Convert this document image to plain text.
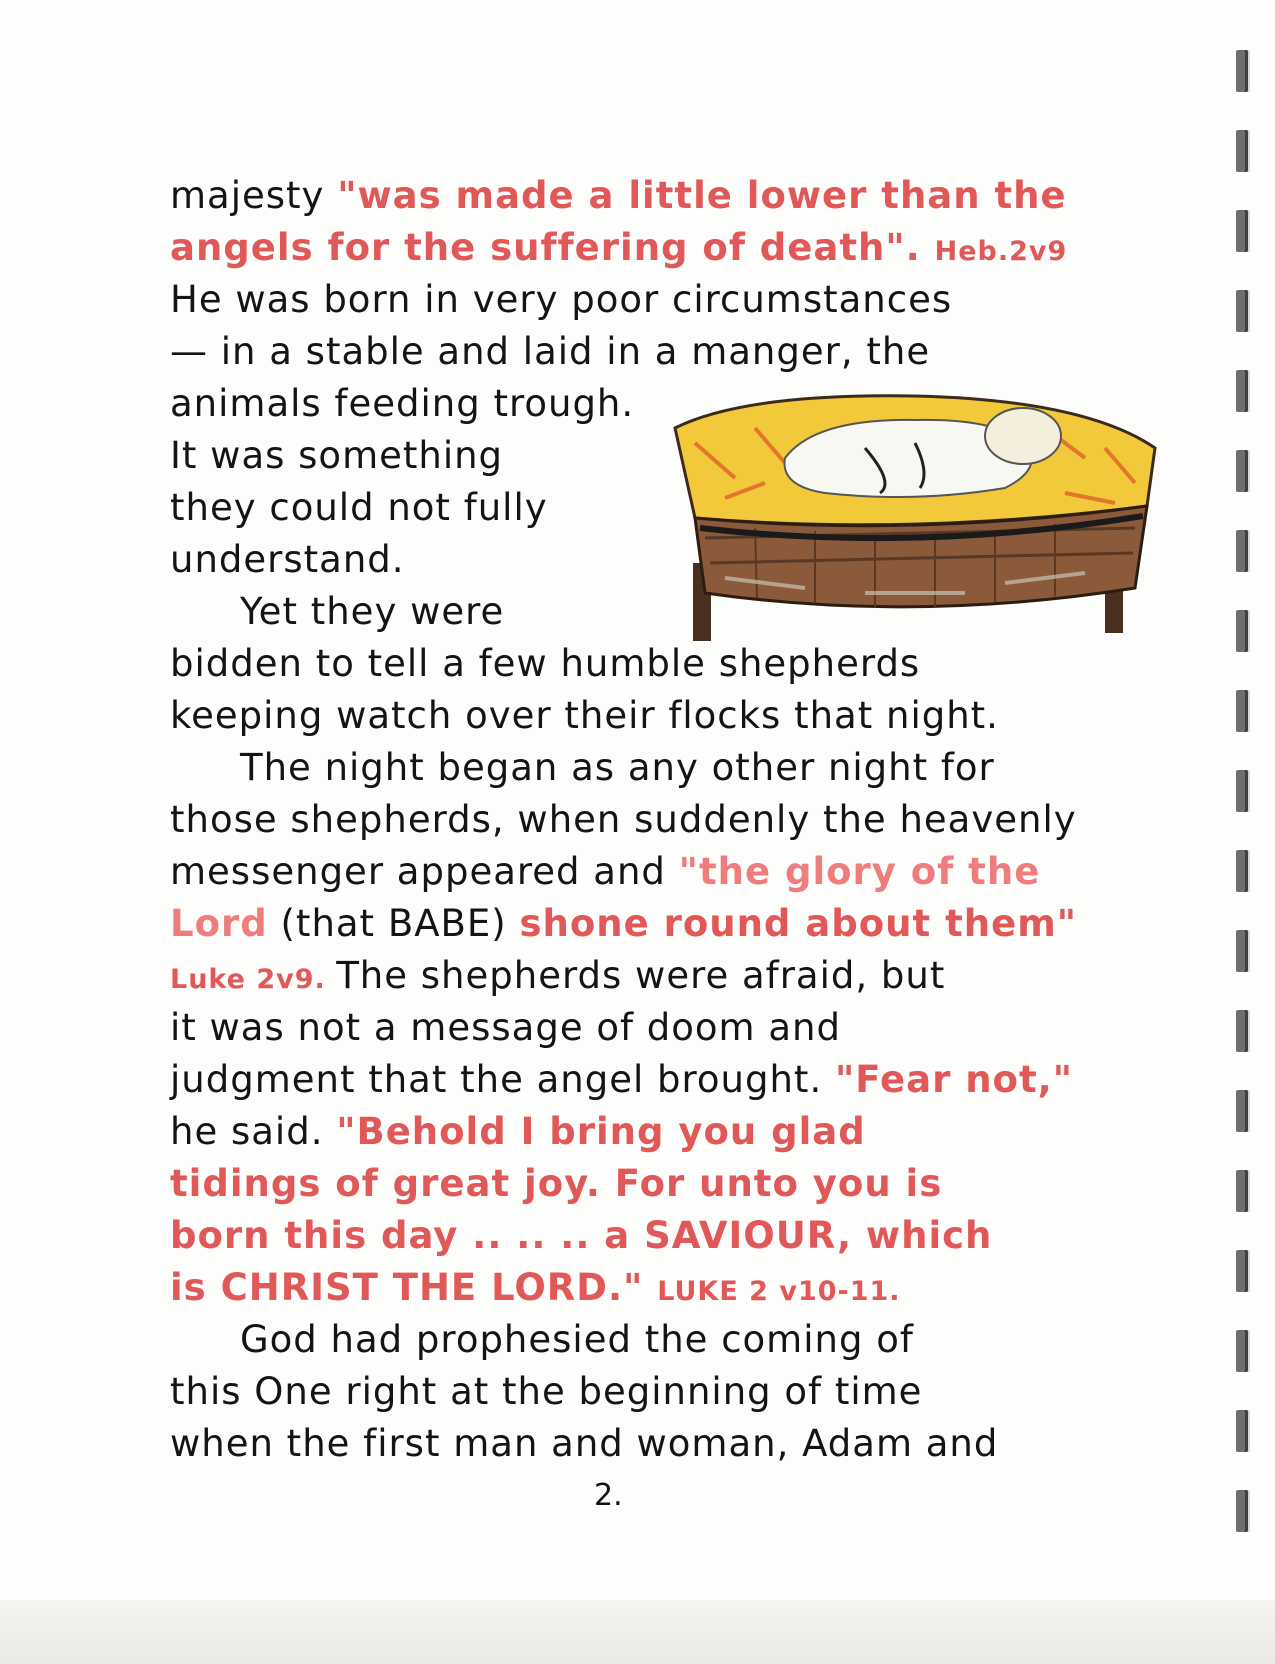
majesty "was made a little lower than the
angels for the suffering of death". Heb.2v9
He was born in very poor circumstances
— in a stable and laid in a manger, the
animals feeding trough.
It was something
they could not fully
understand.
Yet they were
bidden to tell a few humble shepherds
keeping watch over their flocks that night.
The night began as any other night for
those shepherds, when suddenly the heavenly
messenger appeared and "the glory of the
Lord (that BABE) shone round about them"
Luke 2v9. The shepherds were afraid, but
it was not a message of doom and
judgment that the angel brought. "Fear not,"
he said. "Behold I bring you glad
tidings of great joy. For unto you is
born this day .. .. .. a SAVIOUR, which
is CHRIST THE LORD." LUKE 2 v10-11.
God had prophesied the coming of
this One right at the beginning of time
when the first man and woman, Adam and
2.
